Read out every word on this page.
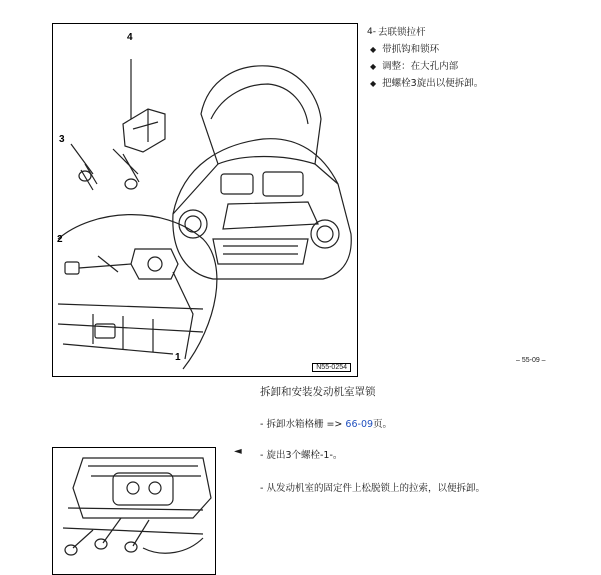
4
3
2
1
N55-0254
4- 去联锁拉杆
◆ 带抓钩和锁环
◆ 调整：在大孔内部
◆ 把螺栓3旋出以便拆卸。
– 55-09 –
拆卸和安装发动机室罩锁
- 拆卸水箱格栅 => 66-09页。
◄ - 旋出3个螺栓-1-。
- 从发动机室的固定件上松脱锁上的拉索，以便拆卸。
